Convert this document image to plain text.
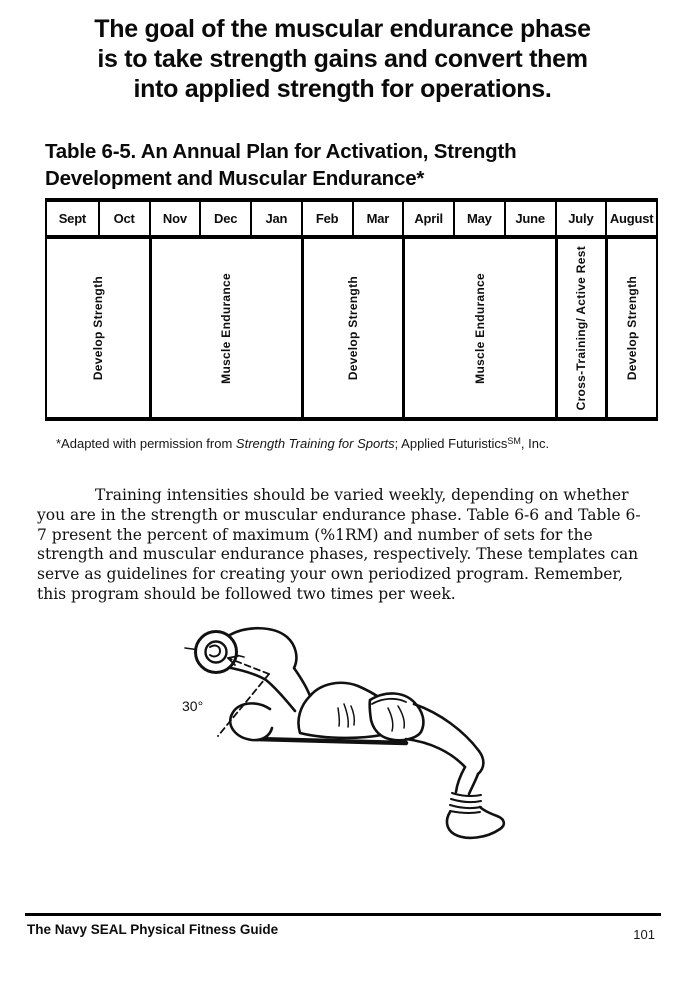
The goal of the muscular endurance phase
is to take strength gains and convert them
into applied strength for operations.
Table 6-5. An Annual Plan for Activation, Strength
Development and Muscular Endurance*
Sept	Oct	Nov	Dec	Jan	Feb	Mar	April	May	June	July	August
Develop Strength	Muscle Endurance	Develop Strength	Muscle Endurance	Cross-Training/ Active Rest	Develop Strength
*Adapted with permission from Strength Training for Sports; Applied Futuristics℠, Inc.
Training intensities should be varied weekly, depending on whether
you are in the strength or muscular endurance phase. Table 6-6 and Table 6-
7 present the percent of maximum (%1RM) and number of sets for the
strength and muscular endurance phases, respectively. These templates can
serve as guidelines for creating your own periodized program. Remember,
this program should be followed two times per week.
30°
The Navy SEAL Physical Fitness Guide	101
